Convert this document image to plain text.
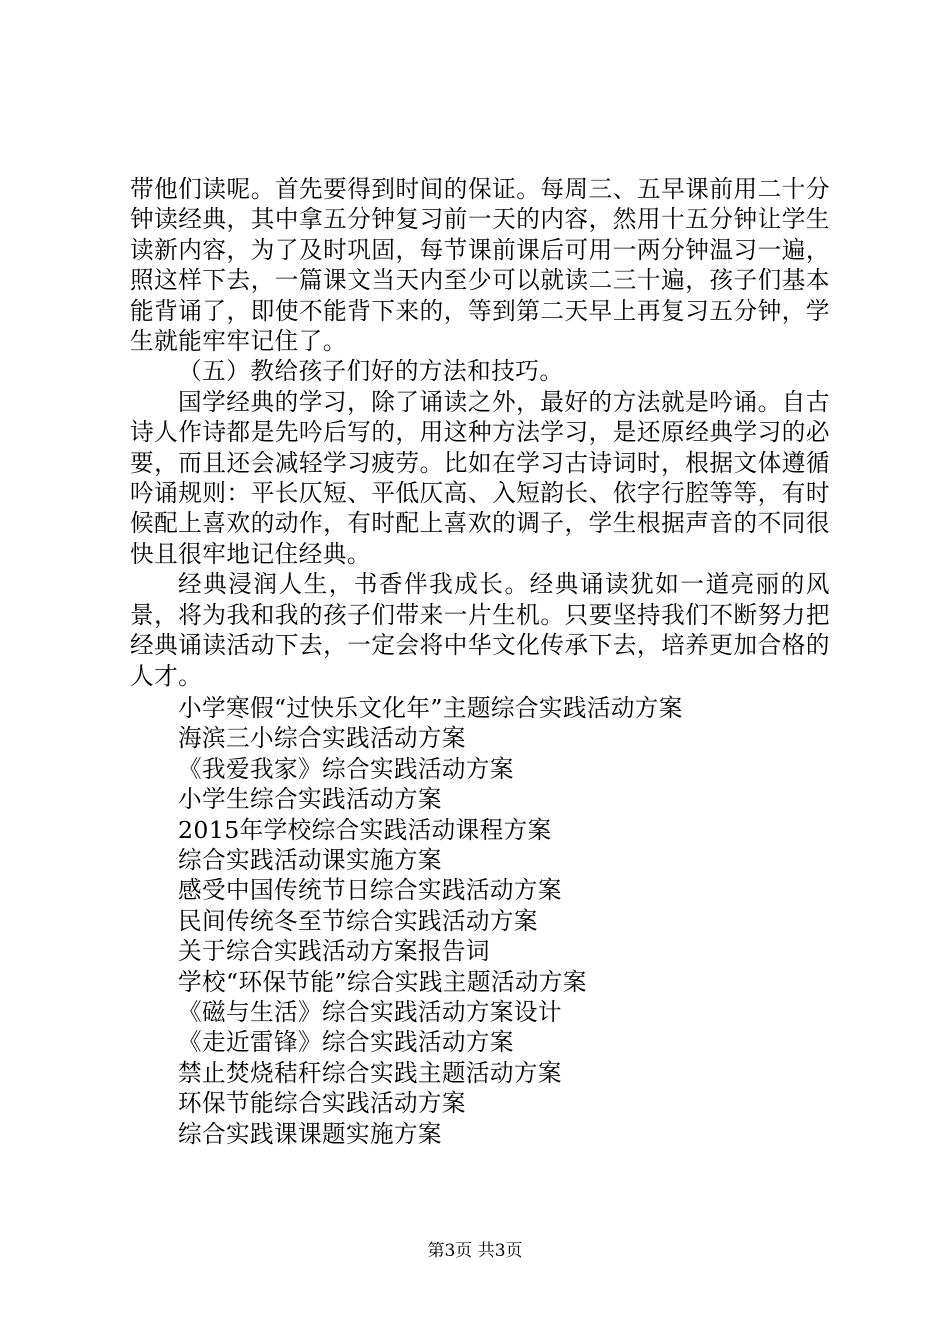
带他们读呢。首先要得到时间的保证。每周三、五早课前用二十分钟读经典，其中拿五分钟复习前一天的内容，然用十五分钟让学生读新内容，为了及时巩固，每节课前课后可用一两分钟温习一遍，照这样下去，一篇课文当天内至少可以就读二三十遍，孩子们基本能背诵了，即使不能背下来的，等到第二天早上再复习五分钟，学生就能牢牢记住了。

（五）教给孩子们好的方法和技巧。

国学经典的学习，除了诵读之外，最好的方法就是吟诵。自古诗人作诗都是先吟后写的，用这种方法学习，是还原经典学习的必要，而且还会减轻学习疲劳。比如在学习古诗词时，根据文体遵循吟诵规则：平长仄短、平低仄高、入短韵长、依字行腔等等，有时候配上喜欢的动作，有时配上喜欢的调子，学生根据声音的不同很快且很牢地记住经典。

经典浸润人生，书香伴我成长。经典诵读犹如一道亮丽的风景，将为我和我的孩子们带来一片生机。只要坚持我们不断努力把经典诵读活动下去，一定会将中华文化传承下去，培养更加合格的人才。

小学寒假“过快乐文化年”主题综合实践活动方案

海滨三小综合实践活动方案

《我爱我家》综合实践活动方案

小学生综合实践活动方案

2015年学校综合实践活动课程方案

综合实践活动课实施方案

感受中国传统节日综合实践活动方案

民间传统冬至节综合实践活动方案

关于综合实践活动方案报告词

学校“环保节能”综合实践主题活动方案

《磁与生活》综合实践活动方案设计

《走近雷锋》综合实践活动方案

禁止焚烧秸秆综合实践主题活动方案

环保节能综合实践活动方案

综合实践课课题实施方案

第3页 共3页
